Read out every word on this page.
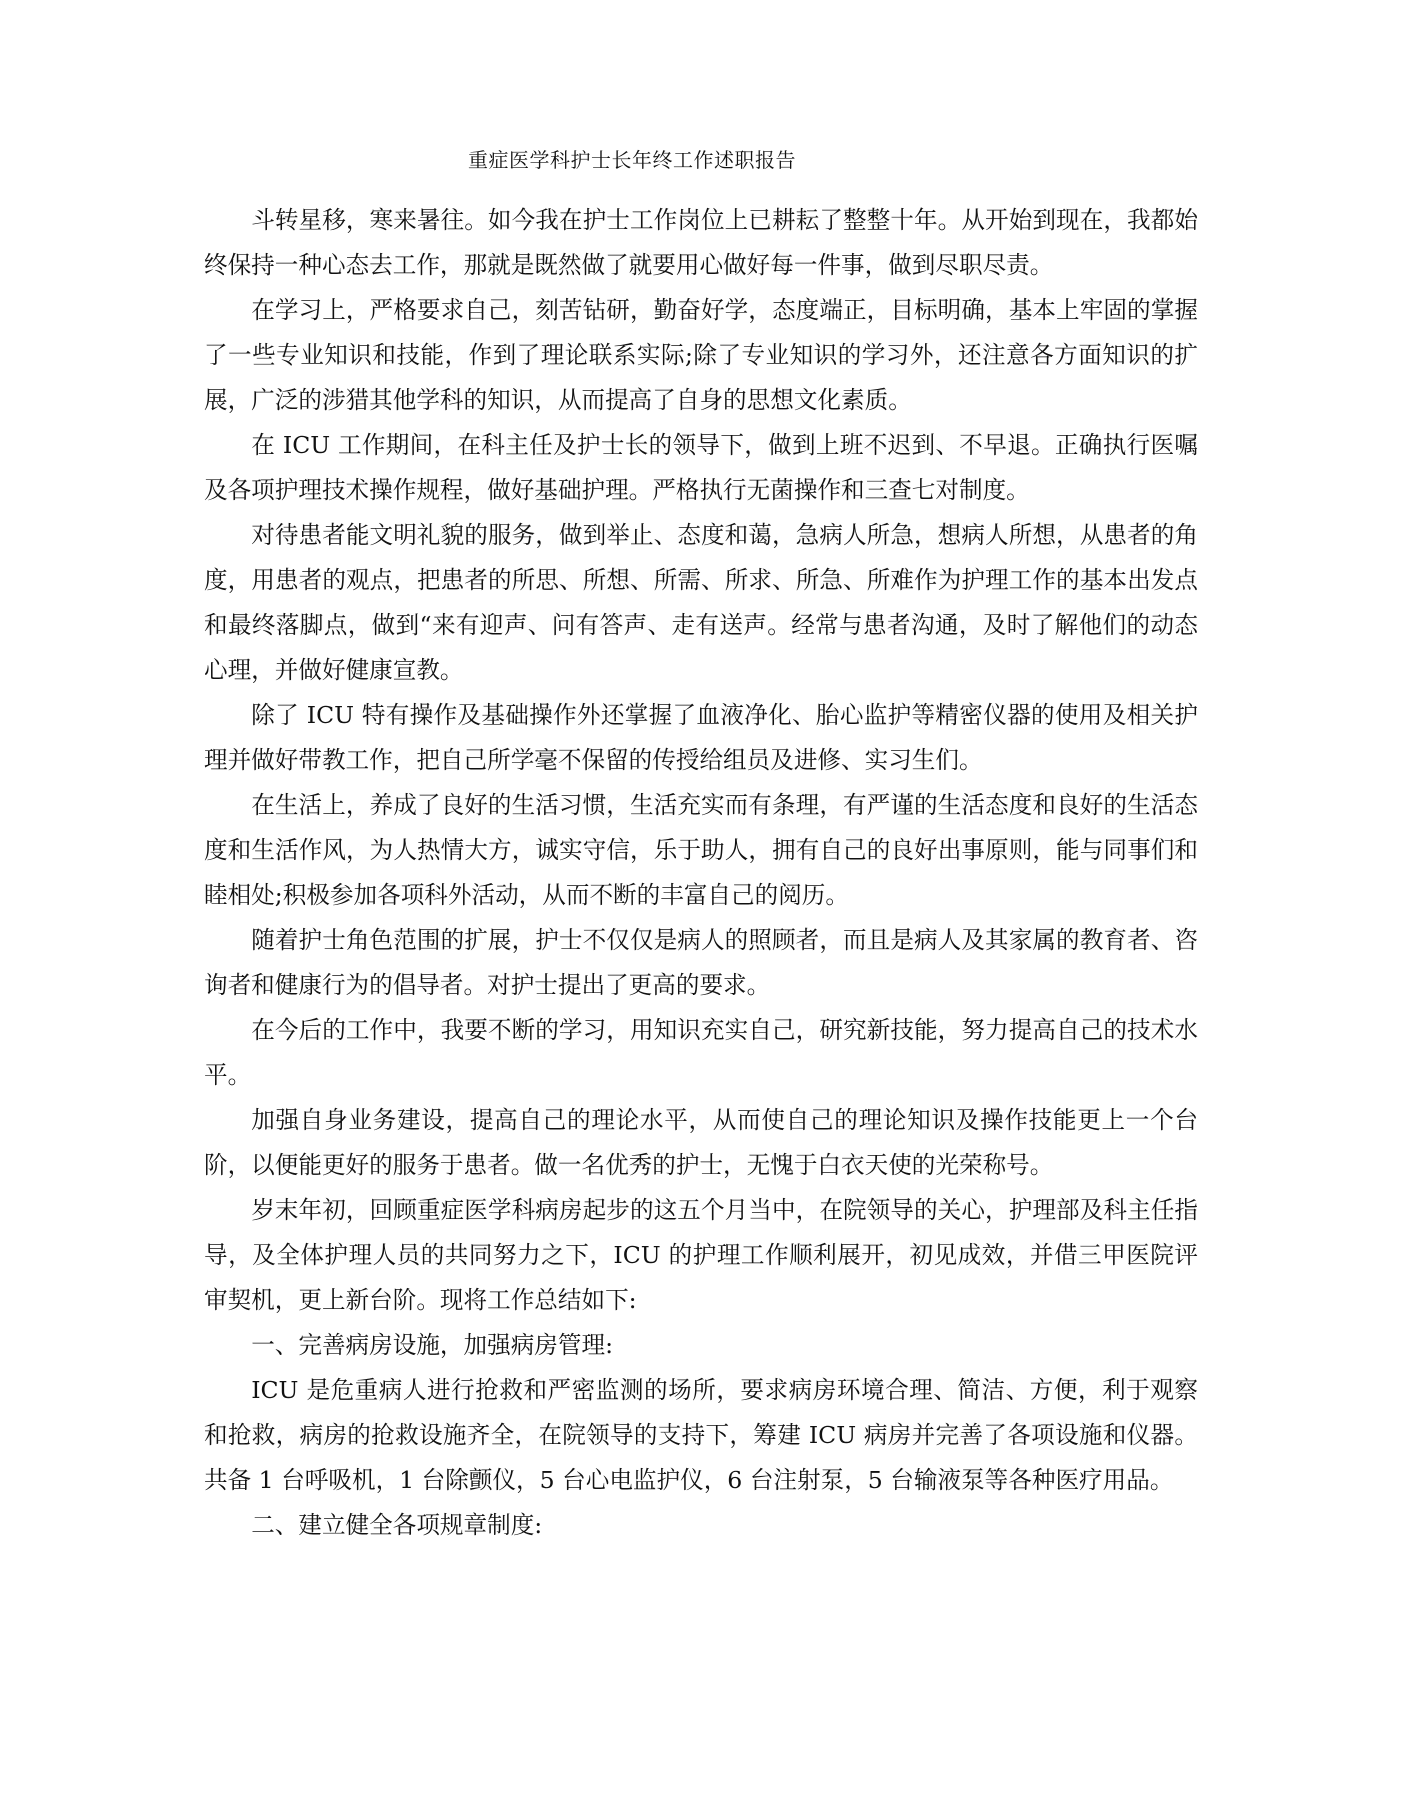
重症医学科护士长年终工作述职报告

斗转星移，寒来暑往。如今我在护士工作岗位上已耕耘了整整十年。从开始到现在，我都始终保持一种心态去工作，那就是既然做了就要用心做好每一件事，做到尽职尽责。

在学习上，严格要求自己，刻苦钻研，勤奋好学，态度端正，目标明确，基本上牢固的掌握了一些专业知识和技能，作到了理论联系实际;除了专业知识的学习外，还注意各方面知识的扩展，广泛的涉猎其他学科的知识，从而提高了自身的思想文化素质。

在 ICU 工作期间，在科主任及护士长的领导下，做到上班不迟到、不早退。正确执行医嘱及各项护理技术操作规程，做好基础护理。严格执行无菌操作和三查七对制度。

对待患者能文明礼貌的服务，做到举止、态度和蔼，急病人所急，想病人所想，从患者的角度，用患者的观点，把患者的所思、所想、所需、所求、所急、所难作为护理工作的基本出发点和最终落脚点，做到“来有迎声、问有答声、走有送声。经常与患者沟通，及时了解他们的动态心理，并做好健康宣教。

除了 ICU 特有操作及基础操作外还掌握了血液净化、胎心监护等精密仪器的使用及相关护理并做好带教工作，把自己所学毫不保留的传授给组员及进修、实习生们。

在生活上，养成了良好的生活习惯，生活充实而有条理，有严谨的生活态度和良好的生活态度和生活作风，为人热情大方，诚实守信，乐于助人，拥有自己的良好出事原则，能与同事们和睦相处;积极参加各项科外活动，从而不断的丰富自己的阅历。

随着护士角色范围的扩展，护士不仅仅是病人的照顾者，而且是病人及其家属的教育者、咨询者和健康行为的倡导者。对护士提出了更高的要求。

在今后的工作中，我要不断的学习，用知识充实自己，研究新技能，努力提高自己的技术水平。

加强自身业务建设，提高自己的理论水平，从而使自己的理论知识及操作技能更上一个台阶，以便能更好的服务于患者。做一名优秀的护士，无愧于白衣天使的光荣称号。

岁末年初，回顾重症医学科病房起步的这五个月当中，在院领导的关心，护理部及科主任指导，及全体护理人员的共同努力之下，ICU 的护理工作顺利展开，初见成效，并借三甲医院评审契机，更上新台阶。现将工作总结如下:

一、完善病房设施，加强病房管理:

ICU 是危重病人进行抢救和严密监测的场所，要求病房环境合理、简洁、方便，利于观察和抢救，病房的抢救设施齐全，在院领导的支持下，筹建 ICU 病房并完善了各项设施和仪器。共备 1 台呼吸机，1 台除颤仪，5 台心电监护仪，6 台注射泵，5 台输液泵等各种医疗用品。

二、建立健全各项规章制度:
